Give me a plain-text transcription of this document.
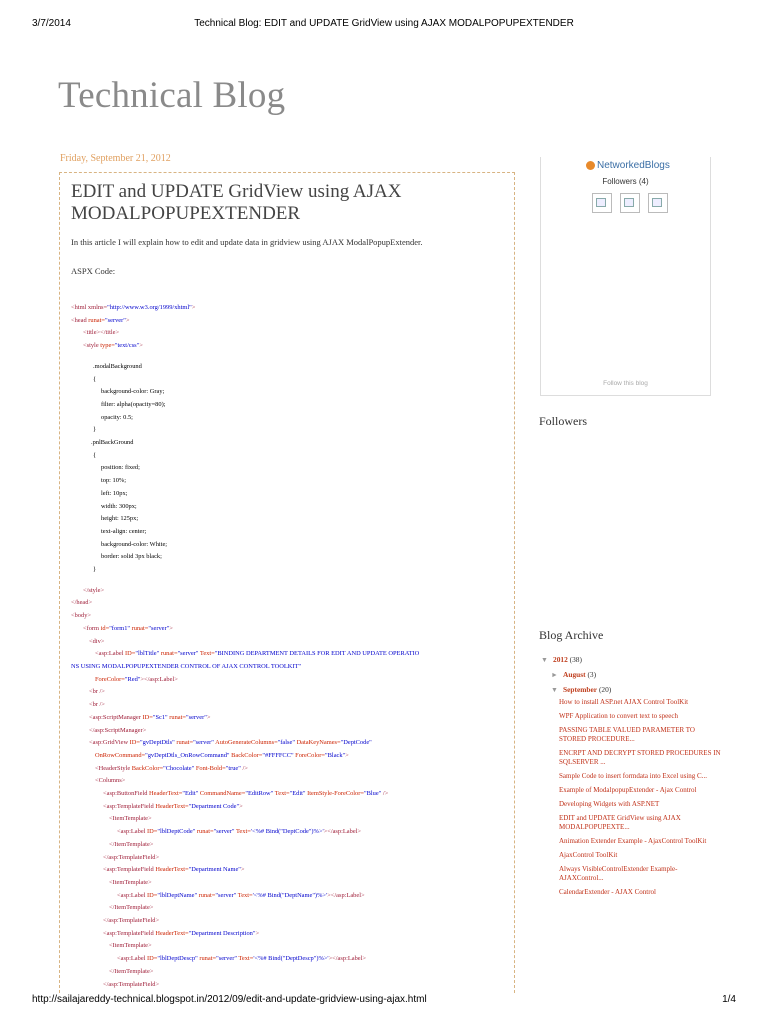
3/7/2014	Technical Blog: EDIT and UPDATE GridView using AJAX MODALPOPUPEXTENDER
Technical Blog
Friday, September 21, 2012
EDIT and UPDATE GridView using AJAX
MODALPOPUPEXTENDER
In this article I will explain how to edit and update data in gridview using AJAX ModalPopupExtender.
ASPX Code:
<html xmlns="http://www.w3.org/1999/xhtml">
<head runat="server">
<title></title>
<style type="text/css">
.modalBackground
{
background-color: Gray;
filter: alpha(opacity=80);
opacity: 0.5;
}
.pnlBackGround
{
position: fixed;
top: 10%;
left: 10px;
width: 300px;
height: 125px;
text-align: center;
background-color: White;
border: solid 3px black;
}
</style>
</head>
<body>
<form id="form1" runat="server">
<div>
<asp:Label ID="lblTitle" runat="server" Text="BINDING DEPARTMENT DETAILS FOR EDIT AND UPDATE OPERATIO
NS USING MODALPOPUPEXTENDER CONTROL OF AJAX CONTROL TOOLKIT"
ForeColor="Red"></asp:Label>
<br />
<br />
<asp:ScriptManager ID="Sc1" runat="server">
</asp:ScriptManager>
<asp:GridView ID="gvDeptDtls" runat="server" AutoGenerateColumns="false" DataKeyNames="DeptCode"
OnRowCommand="gvDeptDtls_OnRowCommand" BackColor="#FFFFCC" ForeColor="Black">
<HeaderStyle BackColor="Chocolate" Font-Bold="true" />
<Columns>
<asp:ButtonField HeaderText="Edit" CommandName="EditRow" Text="Edit" ItemStyle-ForeColor="Blue" />
<asp:TemplateField HeaderText="Department Code">
<ItemTemplate>
<asp:Label ID="lblDeptCode" runat="server" Text='<%# Bind("DeptCode")%>'></asp:Label>
</ItemTemplate>
</asp:TemplateField>
<asp:TemplateField HeaderText="Department Name">
<ItemTemplate>
<asp:Label ID="lblDeptName" runat="server" Text='<%# Bind("DeptName")%>'></asp:Label>
</ItemTemplate>
</asp:TemplateField>
<asp:TemplateField HeaderText="Department Description">
<ItemTemplate>
<asp:Label ID="lblDeptDescp" runat="server" Text='<%# Bind("DeptDescp")%>'></asp:Label>
</ItemTemplate>
</asp:TemplateField>
NetworkedBlogs
Followers (4)
Follow this blog
Followers
Blog Archive
▼ 2012
(38)
► August
(3)
▼ September
(20)
How to install ASP.net AJAX Control ToolKit
WPF Application to convert text to speech
PASSING TABLE VALUED PARAMETER TO STORED PROCEDURE...
ENCRPT AND DECRYPT STORED PROCEDURES IN SQLSERVER ...
Sample Code to insert formdata into Excel using C...
Example of ModalpopupExtender - Ajax Control
Developing Widgets with ASP.NET
EDIT and UPDATE GridView using AJAX MODALPOPUPEXTE...
Animation Extender Example - AjaxControl ToolKit
AjaxControl ToolKit
Always VisibleControlExtender Example-AJAXControl...
CalendarExtender - AJAX Control
http://sailajareddy-technical.blogspot.in/2012/09/edit-and-update-gridview-using-ajax.html	1/4
